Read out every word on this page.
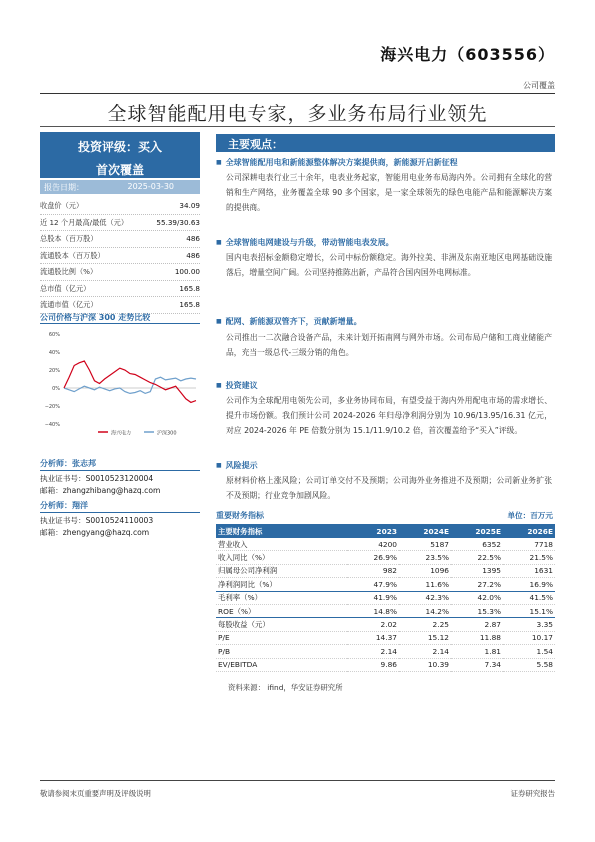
海兴电力（603556）
公司覆盖
全球智能配用电专家，多业务布局行业领先
投资评级：买入
首次覆盖
报告日期：	2025-03-30
收盘价（元）	34.09
近 12 个月最高/最低（元）	55.39/30.63
总股本（百万股）	486
流通股本（百万股）	486
流通股比例（%）	100.00
总市值（亿元）	165.8
流通市值（亿元）	165.8
公司价格与沪深 300 走势比较
60%
40%
20%
0%
−20%
−40%
海兴电力	沪深300
分析师：张志邦
执业证书号：S0010523120004
邮箱：zhangzhibang@hazq.com
分析师：翔洋
执业证书号：S0010524110003
邮箱：zhengyang@hazq.com
主要观点：
■ 全球智能配用电和新能源整体解决方案提供商，新能源开启新征程
公司深耕电表行业三十余年，电表业务起家，智能用电业务布局海内外。公司拥有全球化的营销和生产网络，业务覆盖全球 90 多个国家，是一家全球领先的绿色电能产品和能源解决方案的提供商。
■ 全球智能电网建设与升级，带动智能电表发展。
国内电表招标金额稳定增长，公司中标份额稳定。海外拉美、非洲及东南亚地区电网基础设施落后，增量空间广阔。公司坚持推陈出新，产品符合国内国外电网标准。
■ 配网、新能源双管齐下，贡献新增量。
公司推出一二次融合设备产品，未来计划开拓南网与网外市场。公司布局户储和工商业储能产品，充当一级总代-三级分销的角色。
■ 投资建议
公司作为全球配用电领先公司，多业务协同布局，有望受益于海内外用配电市场的需求增长、提升市场份额。我们预计公司 2024-2026 年归母净利润分别为 10.96/13.95/16.31 亿元，对应 2024-2026 年 PE 倍数分别为 15.1/11.9/10.2 倍，首次覆盖给予“买入”评级。
■ 风险提示
原材料价格上涨风险；公司订单交付不及预期；公司海外业务推进不及预期；公司新业务扩张不及预期；行业竞争加剧风险。
重要财务指标	单位：百万元
主要财务指标	2023	2024E	2025E	2026E
营业收入	4200	5187	6352	7718
收入同比（%）	26.9%	23.5%	22.5%	21.5%
归属母公司净利润	982	1096	1395	1631
净利润同比（%）	47.9%	11.6%	27.2%	16.9%
毛利率（%）	41.9%	42.3%	42.0%	41.5%
ROE（%）	14.8%	14.2%	15.3%	15.1%
每股收益（元）	2.02	2.25	2.87	3.35
P/E	14.37	15.12	11.88	10.17
P/B	2.14	2.14	1.81	1.54
EV/EBITDA	9.86	10.39	7.34	5.58
资料来源： ifind，华安证券研究所
敬请参阅末页重要声明及评级说明	证券研究报告
